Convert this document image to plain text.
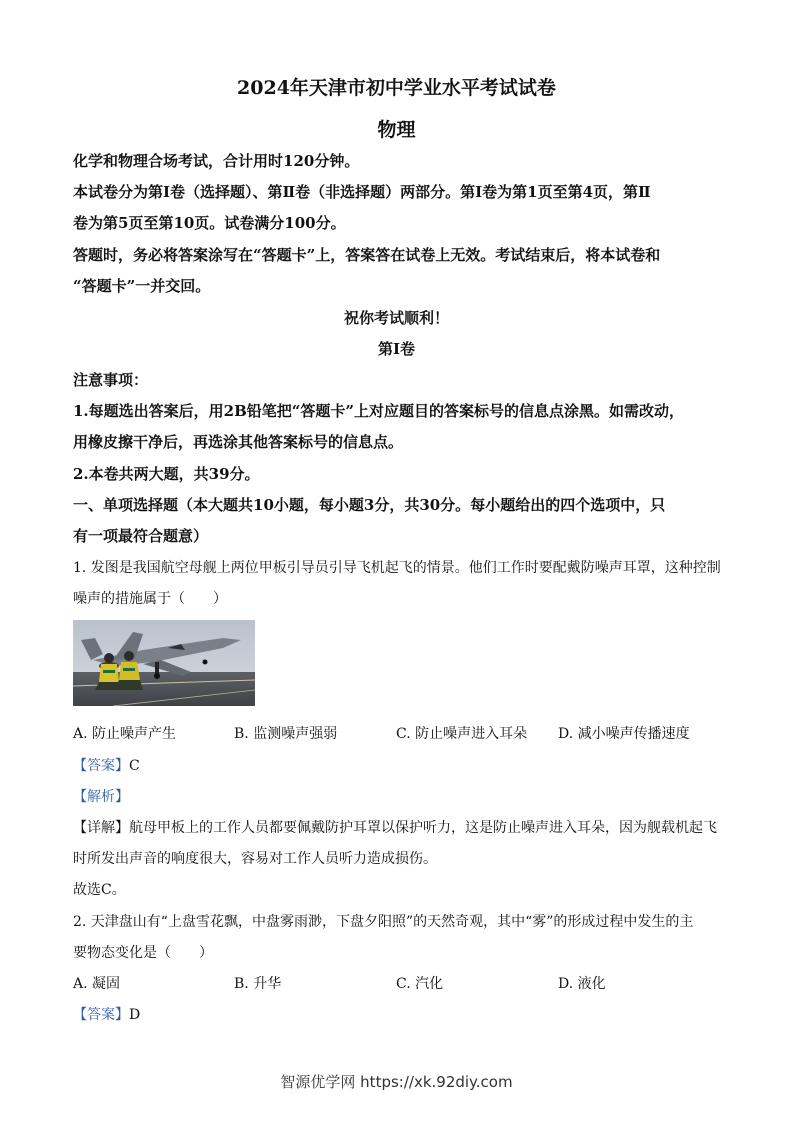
2024年天津市初中学业水平考试试卷
物理
化学和物理合场考试，合计用时120分钟。
本试卷分为第Ⅰ卷（选择题）、第Ⅱ卷（非选择题）两部分。第Ⅰ卷为第1页至第4页，第Ⅱ
卷为第5页至第10页。试卷满分100分。
答题时，务必将答案涂写在“答题卡”上，答案答在试卷上无效。考试结束后，将本试卷和
“答题卡”一并交回。
祝你考试顺利！
第Ⅰ卷
注意事项：
1.每题选出答案后，用2B铅笔把“答题卡”上对应题目的答案标号的信息点涂黑。如需改动，
用橡皮擦干净后，再选涂其他答案标号的信息点。
2.本卷共两大题，共39分。
一、单项选择题（本大题共10小题，每小题3分，共30分。每小题给出的四个选项中，只
有一项最符合题意）
1. 发图是我国航空母舰上两位甲板引导员引导飞机起飞的情景。他们工作时要配戴防噪声耳罩，这种控制
噪声的措施属于（　　）
A. 防止噪声产生	B. 监测噪声强弱	C. 防止噪声进入耳朵 D. 减小噪声传播速度
【答案】C
【解析】
【详解】航母甲板上的工作人员都要佩戴防护耳罩以保护听力，这是防止噪声进入耳朵，因为舰载机起飞
时所发出声音的响度很大，容易对工作人员听力造成损伤。
故选C。
2. 天津盘山有“上盘雪花飘，中盘雾雨渺，下盘夕阳照”的天然奇观，其中“雾”的形成过程中发生的主
要物态变化是（　　）
A. 凝固	B. 升华	C. 汽化	D. 液化
【答案】D
智源优学网 https://xk.92diy.com
